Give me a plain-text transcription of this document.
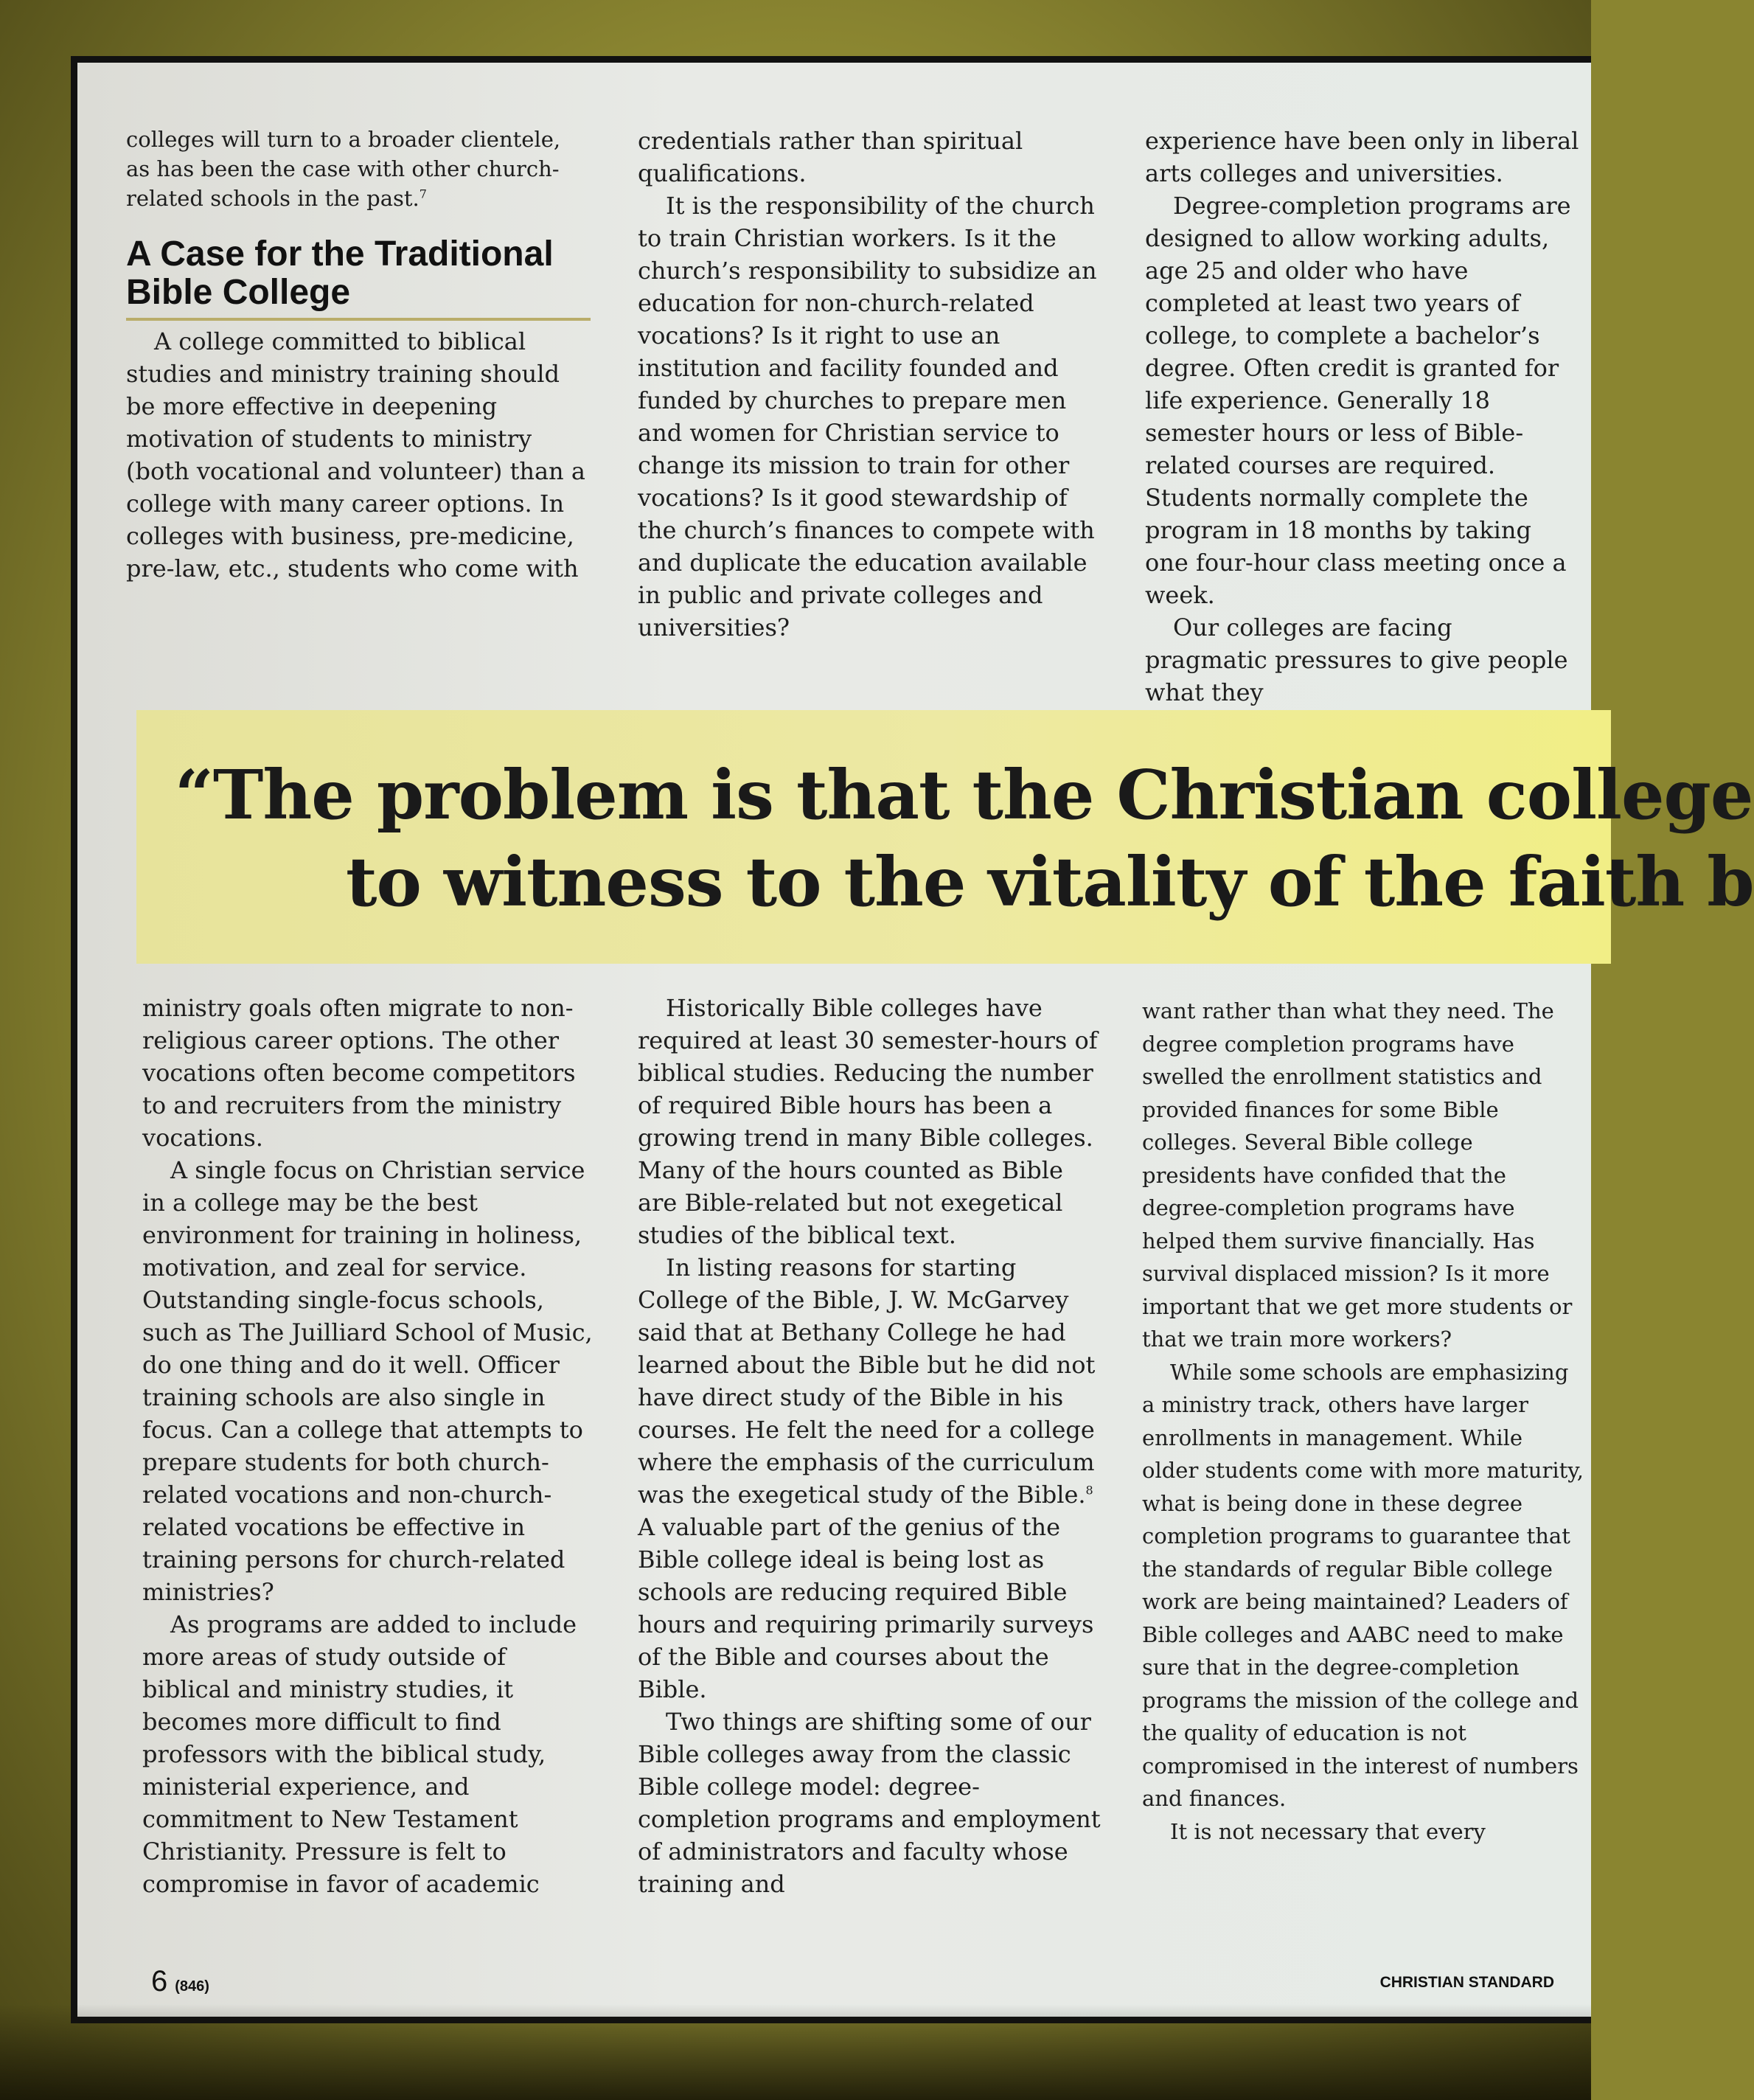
colleges will turn to a broader clientele, as has been the case with other church-related schools in the past.$^7$

A Case for the Traditional Bible College

A college committed to biblical studies and ministry training should be more effective in deepening motivation of students to ministry (both vocational and volunteer) than a college with many career options. In colleges with business, pre-medicine, pre-law, etc., students who come with

credentials rather than spiritual qualifications.

It is the responsibility of the church to train Christian workers. Is it the church’s responsibility to subsidize an education for non-church-related vocations? Is it right to use an institution and facility founded and funded by churches to prepare men and women for Christian service to change its mission to train for other vocations? Is it good stewardship of the church’s finances to compete with and duplicate the education available in public and private colleges and universities?

experience have been only in liberal arts colleges and universities.

Degree-completion programs are designed to allow working adults, age 25 and older who have completed at least two years of college, to complete a bachelor’s degree. Often credit is granted for life experience. Generally 18 semester hours or less of Bible-related courses are required. Students normally complete the program in 18 months by taking one four-hour class meeting once a week.

Our colleges are facing pragmatic pressures to give people what they

“The problem is that the Christian college
to witness to the vitality of the faith b

ministry goals often migrate to non-religious career options. The other vocations often become competitors to and recruiters from the ministry vocations.

A single focus on Christian service in a college may be the best environment for training in holiness, motivation, and zeal for service. Outstanding single-focus schools, such as The Juilliard School of Music, do one thing and do it well. Officer training schools are also single in focus. Can a college that attempts to prepare students for both church-related vocations and non-church-related vocations be effective in training persons for church-related ministries?

As programs are added to include more areas of study outside of biblical and ministry studies, it becomes more difficult to find professors with the biblical study, ministerial experience, and commitment to New Testament Christianity. Pressure is felt to compromise in favor of academic

Historically Bible colleges have required at least 30 semester-hours of biblical studies. Reducing the number of required Bible hours has been a growing trend in many Bible colleges. Many of the hours counted as Bible are Bible-related but not exegetical studies of the biblical text.

In listing reasons for starting College of the Bible, J. W. McGarvey said that at Bethany College he had learned about the Bible but he did not have direct study of the Bible in his courses. He felt the need for a college where the emphasis of the curriculum was the exegetical study of the Bible.$^8$ A valuable part of the genius of the Bible college ideal is being lost as schools are reducing required Bible hours and requiring primarily surveys of the Bible and courses about the Bible.

Two things are shifting some of our Bible colleges away from the classic Bible college model: degree-completion programs and employment of administrators and faculty whose training and

want rather than what they need. The degree completion programs have swelled the enrollment statistics and provided finances for some Bible colleges. Several Bible college presidents have confided that the degree-completion programs have helped them survive financially. Has survival displaced mission? Is it more important that we get more students or that we train more workers?

While some schools are emphasizing a ministry track, others have larger enrollments in management. While older students come with more maturity, what is being done in these degree completion programs to guarantee that the standards of regular Bible college work are being maintained? Leaders of Bible colleges and AABC need to make sure that in the degree-completion programs the mission of the college and the quality of education is not compromised in the interest of numbers and finances.

It is not necessary that every

6 (846)	CHRISTIAN STANDARD
